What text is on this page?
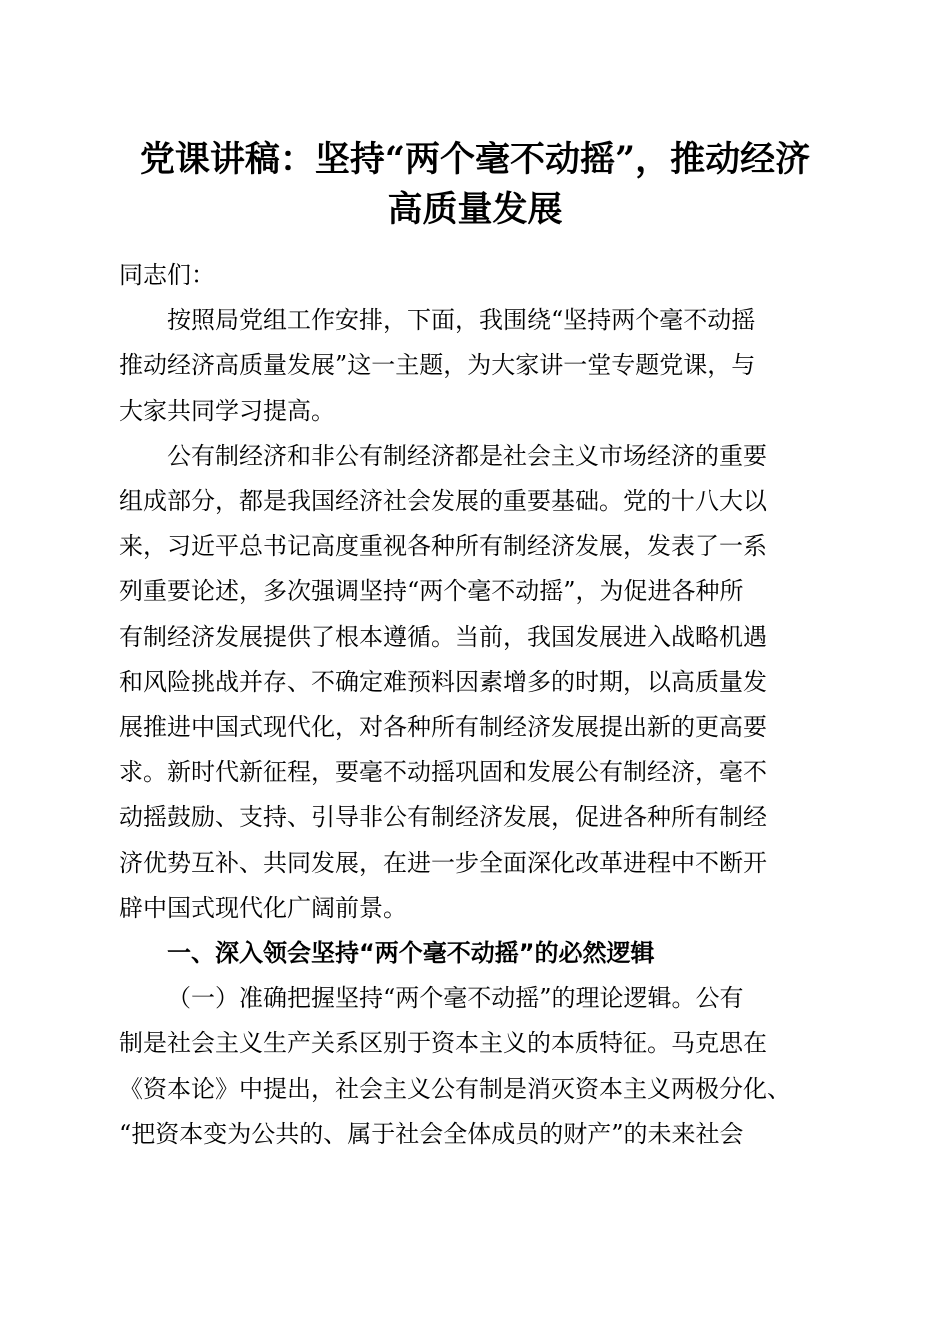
党课讲稿：坚持“两个毫不动摇”，推动经济
高质量发展

同志们：

按照局党组工作安排，下面，我围绕“坚持两个毫不动摇

推动经济高质量发展”这一主题，为大家讲一堂专题党课，与
大家共同学习提高。

公有制经济和非公有制经济都是社会主义市场经济的重要

组成部分，都是我国经济社会发展的重要基础。党的十八大以
来，习近平总书记高度重视各种所有制经济发展，发表了一系
列重要论述，多次强调坚持“两个毫不动摇”，为促进各种所
有制经济发展提供了根本遵循。当前，我国发展进入战略机遇
和风险挑战并存、不确定难预料因素增多的时期，以高质量发
展推进中国式现代化，对各种所有制经济发展提出新的更高要
求。新时代新征程，要毫不动摇巩固和发展公有制经济，毫不
动摇鼓励、支持、引导非公有制经济发展，促进各种所有制经
济优势互补、共同发展，在进一步全面深化改革进程中不断开
辟中国式现代化广阔前景。

一、深入领会坚持“两个毫不动摇”的必然逻辑

（一）准确把握坚持“两个毫不动摇”的理论逻辑。公有

制是社会主义生产关系区别于资本主义的本质特征。马克思在
《资本论》中提出，社会主义公有制是消灭资本主义两极分化、
“把资本变为公共的、属于社会全体成员的财产”的未来社会
